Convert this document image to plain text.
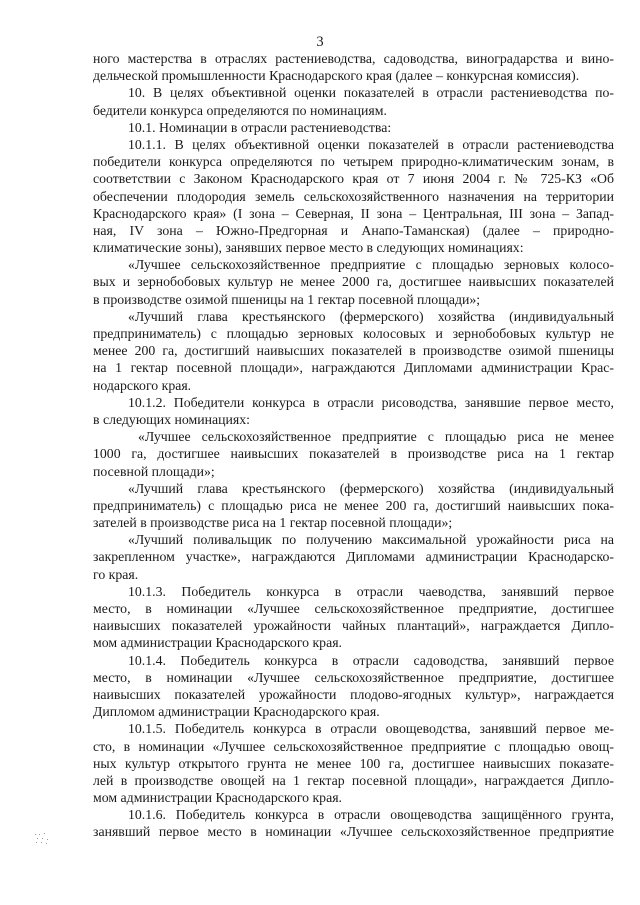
3
ного мастерства в отраслях растениеводства, садоводства, виноградарства и вино-
дельческой промышленности Краснодарского края (далее – конкурсная комиссия).
10. В целях объективной оценки показателей в отрасли растениеводства по-
бедители конкурса определяются по номинациям.
10.1. Номинации в отрасли растениеводства:
10.1.1. В целях объективной оценки показателей в отрасли растениеводства
победители конкурса определяются по четырем природно-климатическим зонам, в
соответствии с Законом Краснодарского края от 7 июня 2004 г. № 725-КЗ «Об
обеспечении плодородия земель сельскохозяйственного назначения на территории
Краснодарского края» (I зона – Северная, II зона – Центральная, III зона – Запад-
ная, IV зона – Южно-Предгорная и Анапо-Таманская) (далее – природно-
климатические зоны), занявших первое место в следующих номинациях:
«Лучшее сельскохозяйственное предприятие с площадью зерновых колосо-
вых и зернобобовых культур не менее 2000 га, достигшее наивысших показателей
в производстве озимой пшеницы на 1 гектар посевной площади»;
«Лучший глава крестьянского (фермерского) хозяйства (индивидуальный
предприниматель) с площадью зерновых колосовых и зернобобовых культур не
менее 200 га, достигший наивысших показателей в производстве озимой пшеницы
на 1 гектар посевной площади», награждаются Дипломами администрации Крас-
нодарского края.
10.1.2. Победители конкурса в отрасли рисоводства, занявшие первое место,
в следующих номинациях:
«Лучшее сельскохозяйственное предприятие с площадью риса не менее
1000 га, достигшее наивысших показателей в производстве риса на 1 гектар
посевной площади»;
«Лучший глава крестьянского (фермерского) хозяйства (индивидуальный
предприниматель) с площадью риса не менее 200 га, достигший наивысших пока-
зателей в производстве риса на 1 гектар посевной площади»;
«Лучший поливальщик по получению максимальной урожайности риса на
закрепленном участке», награждаются Дипломами администрации Краснодарско-
го края.
10.1.3. Победитель конкурса в отрасли чаеводства, занявший первое
место, в номинации «Лучшее сельскохозяйственное предприятие, достигшее
наивысших показателей урожайности чайных плантаций», награждается Дипло-
мом администрации Краснодарского края.
10.1.4. Победитель конкурса в отрасли садоводства, занявший первое
место, в номинации «Лучшее сельскохозяйственное предприятие, достигшее
наивысших показателей урожайности плодово-ягодных культур», награждается
Дипломом администрации Краснодарского края.
10.1.5. Победитель конкурса в отрасли овощеводства, занявший первое ме-
сто, в номинации «Лучшее сельскохозяйственное предприятие с площадью овощ-
ных культур открытого грунта не менее 100 га, достигшее наивысших показате-
лей в производстве овощей на 1 гектар посевной площади», награждается Дипло-
мом администрации Краснодарского края.
10.1.6. Победитель конкурса в отрасли овощеводства защищённого грунта,
занявший первое место в номинации «Лучшее сельскохозяйственное предприятие
